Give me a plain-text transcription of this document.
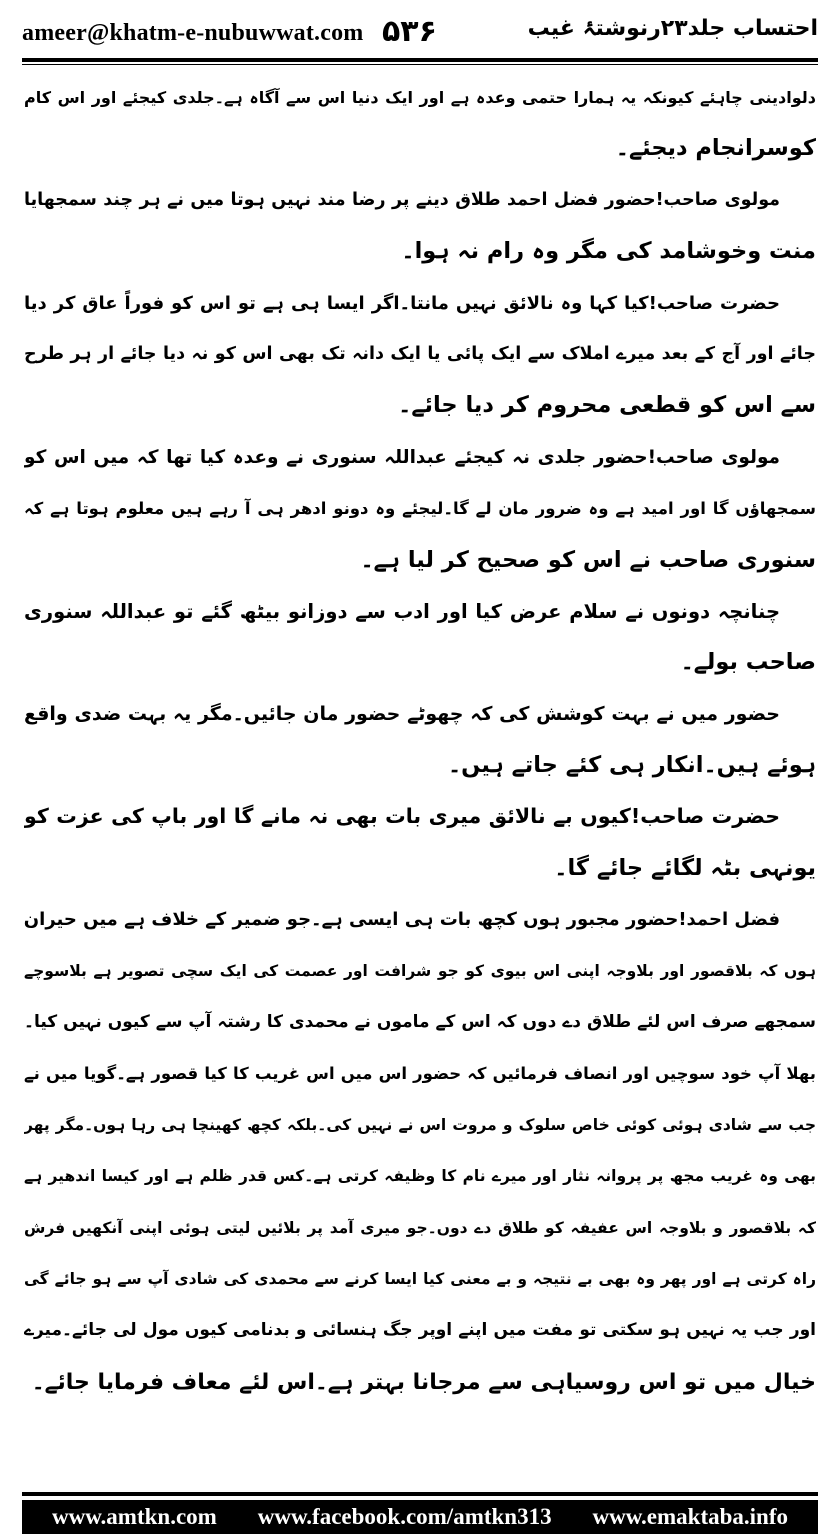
ameer@khatm-e-nubuwwat.com ۵۳۶	احتساب جلد۲۳رنوشتۂ غیب
دلوادینی چاہئے کیونکہ یہ ہمارا حتمی وعدہ ہے اور ایک دنیا اس سے آگاہ ہے۔جلدی کیجئے اور اس کام
کوسرانجام دیجئے۔
مولوی صاحب!حضور فضل احمد طلاق دینے پر رضا مند نہیں ہوتا میں نے ہر چند سمجھایا
منت وخوشامد کی مگر وہ رام نہ ہوا۔
حضرت صاحب!کیا کہا وہ نالائق نہیں مانتا۔اگر ایسا ہی ہے تو اس کو فوراً عاق کر دیا
جائے اور آج کے بعد میرے املاک سے ایک پائی یا ایک دانہ تک بھی اس کو نہ دیا جائے ار ہر طرح
سے اس کو قطعی محروم کر دیا جائے۔
مولوی صاحب!حضور جلدی نہ کیجئے عبداللہ سنوری نے وعدہ کیا تھا کہ میں اس کو
سمجھاؤں گا اور امید ہے وہ ضرور مان لے گا۔لیجئے وہ دونو ادھر ہی آ رہے ہیں معلوم ہوتا ہے کہ
سنوری صاحب نے اس کو صحیح کر لیا ہے۔
چنانچہ دونوں نے سلام عرض کیا اور ادب سے دوزانو بیٹھ گئے تو عبداللہ سنوری
صاحب بولے۔
حضور میں نے بہت کوشش کی کہ چھوٹے حضور مان جائیں۔مگر یہ بہت ضدی واقع
ہوئے ہیں۔انکار ہی کئے جاتے ہیں۔
حضرت صاحب!کیوں بے نالائق میری بات بھی نہ مانے گا اور باپ کی عزت کو
یونہی بٹہ لگائے جائے گا۔
فضل احمد!حضور مجبور ہوں کچھ بات ہی ایسی ہے۔جو ضمیر کے خلاف ہے میں حیران
ہوں کہ بلاقصور اور بلاوجہ اپنی اس بیوی کو جو شرافت اور عصمت کی ایک سچی تصویر ہے بلاسوچے
سمجھے صرف اس لئے طلاق دے دوں کہ اس کے ماموں نے محمدی کا رشتہ آپ سے کیوں نہیں کیا۔
بھلا آپ خود سوچیں اور انصاف فرمائیں کہ حضور اس میں اس غریب کا کیا قصور ہے۔گویا میں نے
جب سے شادی ہوئی کوئی خاص سلوک و مروت اس نے نہیں کی۔بلکہ کچھ کھینچا ہی رہا ہوں۔مگر پھر
بھی وہ غریب مجھ پر پروانہ نثار اور میرے نام کا وظیفہ کرتی ہے۔کس قدر ظلم ہے اور کیسا اندھیر ہے
کہ بلاقصور و بلاوجہ اس عفیفہ کو طلاق دے دوں۔جو میری آمد پر بلائیں لیتی ہوئی اپنی آنکھیں فرش
راہ کرتی ہے اور پھر وہ بھی بے نتیجہ و بے معنی کیا ایسا کرنے سے محمدی کی شادی آپ سے ہو جائے گی
اور جب یہ نہیں ہو سکتی تو مفت میں اپنے اوپر جگ ہنسائی و بدنامی کیوں مول لی جائے۔میرے
خیال میں تو اس روسیاہی سے مرجانا بہتر ہے۔اس لئے معاف فرمایا جائے۔
www.amtkn.com www.facebook.com/amtkn313 www.emaktaba.info
